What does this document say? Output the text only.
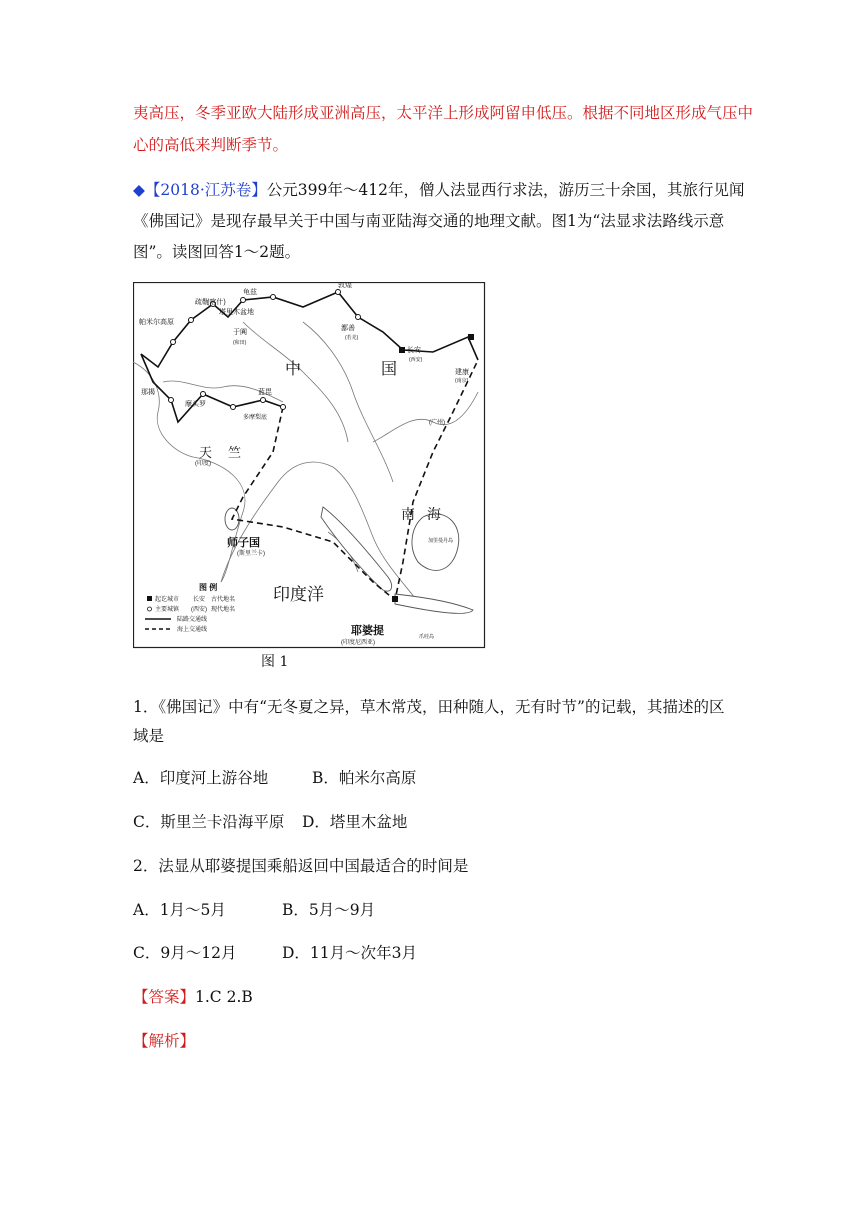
夷高压，冬季亚欧大陆形成亚洲高压，太平洋上形成阿留申低压。根据不同地区形成气压中
心的高低来判断季节。
◆【2018·江苏卷】公元399年～412年，僧人法显西行求法，游历三十余国，其旅行见闻
《佛国记》是现存最早关于中国与南亚陆海交通的地理文献。图1为“法显求法路线示意
图”。读图回答1～2题。
帕米尔高原
疏勒
(喀什)
龟兹
塔里木盆地
于阗
(和田)
敦煌
鄯善
(若羌)
长安
(西安)
建康
(南京)
(广州)
那揭
摩头罗
蓝毘
多摩梨底
(印度)
(斯里兰卡)
加里曼丹岛
(印度尼西亚)
爪哇岛
中	国
天 竺
师子国
印度洋
南 海
耶婆提
图 例
起讫城市 长安 古代地名
主要城镇 (西安) 现代地名
陆路交通线
海上交通线
图 1
1．《佛国记》中有“无冬夏之异，草木常茂，田种随人，无有时节”的记载，其描述的区
域是
A．印度河上游谷地	B．帕米尔高原
C．斯里兰卡沿海平原 D．塔里木盆地
2．法显从耶婆提国乘船返回中国最适合的时间是
A．1月～5月	B．5月～9月
C．9月～12月	D．11月～次年3月
【答案】1.C 2.B
【解析】
